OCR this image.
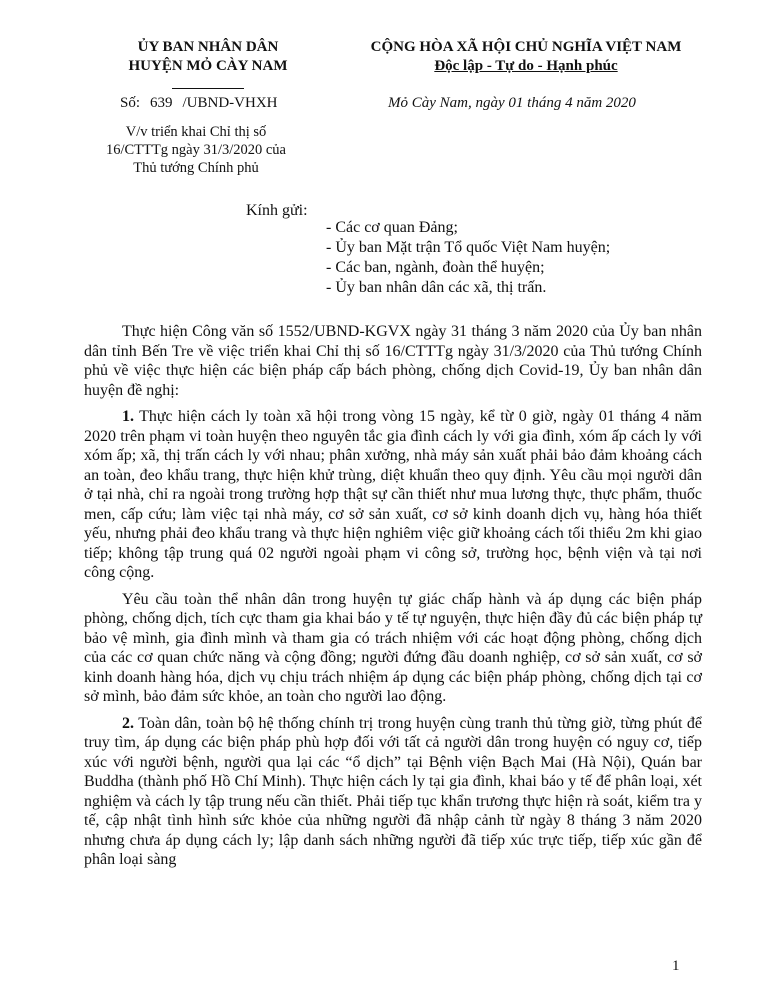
ỦY BAN NHÂN DÂN
HUYỆN MỎ CÀY NAM
CỘNG HÒA XÃ HỘI CHỦ NGHĨA VIỆT NAM
Độc lập - Tự do - Hạnh phúc
Số: 639 /UBND-VHXH	Mỏ Cày Nam, ngày 01 tháng 4 năm 2020
V/v triển khai Chỉ thị số
16/CTTTg ngày 31/3/2020 của
Thủ tướng Chính phủ
Kính gửi:
- Các cơ quan Đảng;
- Ủy ban Mặt trận Tổ quốc Việt Nam huyện;
- Các ban, ngành, đoàn thể huyện;
- Ủy ban nhân dân các xã, thị trấn.

Thực hiện Công văn số 1552/UBND-KGVX ngày 31 tháng 3 năm 2020 của Ủy ban nhân dân tỉnh Bến Tre về việc triển khai Chỉ thị số 16/CTTTg ngày 31/3/2020 của Thủ tướng Chính phủ về việc thực hiện các biện pháp cấp bách phòng, chống dịch Covid-19, Ủy ban nhân dân huyện đề nghị:

1. Thực hiện cách ly toàn xã hội trong vòng 15 ngày, kể từ 0 giờ, ngày 01 tháng 4 năm 2020 trên phạm vi toàn huyện theo nguyên tắc gia đình cách ly với gia đình, xóm ấp cách ly với xóm ấp; xã, thị trấn cách ly với nhau; phân xưởng, nhà máy sản xuất phải bảo đảm khoảng cách an toàn, đeo khẩu trang, thực hiện khử trùng, diệt khuẩn theo quy định. Yêu cầu mọi người dân ở tại nhà, chỉ ra ngoài trong trường hợp thật sự cần thiết như mua lương thực, thực phẩm, thuốc men, cấp cứu; làm việc tại nhà máy, cơ sở sản xuất, cơ sở kinh doanh dịch vụ, hàng hóa thiết yếu, nhưng phải đeo khẩu trang và thực hiện nghiêm việc giữ khoảng cách tối thiểu 2m khi giao tiếp; không tập trung quá 02 người ngoài phạm vi công sở, trường học, bệnh viện và tại nơi công cộng.

Yêu cầu toàn thể nhân dân trong huyện tự giác chấp hành và áp dụng các biện pháp phòng, chống dịch, tích cực tham gia khai báo y tế tự nguyện, thực hiện đầy đủ các biện pháp tự bảo vệ mình, gia đình mình và tham gia có trách nhiệm với các hoạt động phòng, chống dịch của các cơ quan chức năng và cộng đồng; người đứng đầu doanh nghiệp, cơ sở sản xuất, cơ sở kinh doanh hàng hóa, dịch vụ chịu trách nhiệm áp dụng các biện pháp phòng, chống dịch tại cơ sở mình, bảo đảm sức khỏe, an toàn cho người lao động.

2. Toàn dân, toàn bộ hệ thống chính trị trong huyện cùng tranh thủ từng giờ, từng phút để truy tìm, áp dụng các biện pháp phù hợp đối với tất cả người dân trong huyện có nguy cơ, tiếp xúc với người bệnh, người qua lại các “ổ dịch” tại Bệnh viện Bạch Mai (Hà Nội), Quán bar Buddha (thành phố Hồ Chí Minh). Thực hiện cách ly tại gia đình, khai báo y tế để phân loại, xét nghiệm và cách ly tập trung nếu cần thiết. Phải tiếp tục khẩn trương thực hiện rà soát, kiểm tra y tế, cập nhật tình hình sức khỏe của những người đã nhập cảnh từ ngày 8 tháng 3 năm 2020 nhưng chưa áp dụng cách ly; lập danh sách những người đã tiếp xúc trực tiếp, tiếp xúc gần để phân loại sàng

1
